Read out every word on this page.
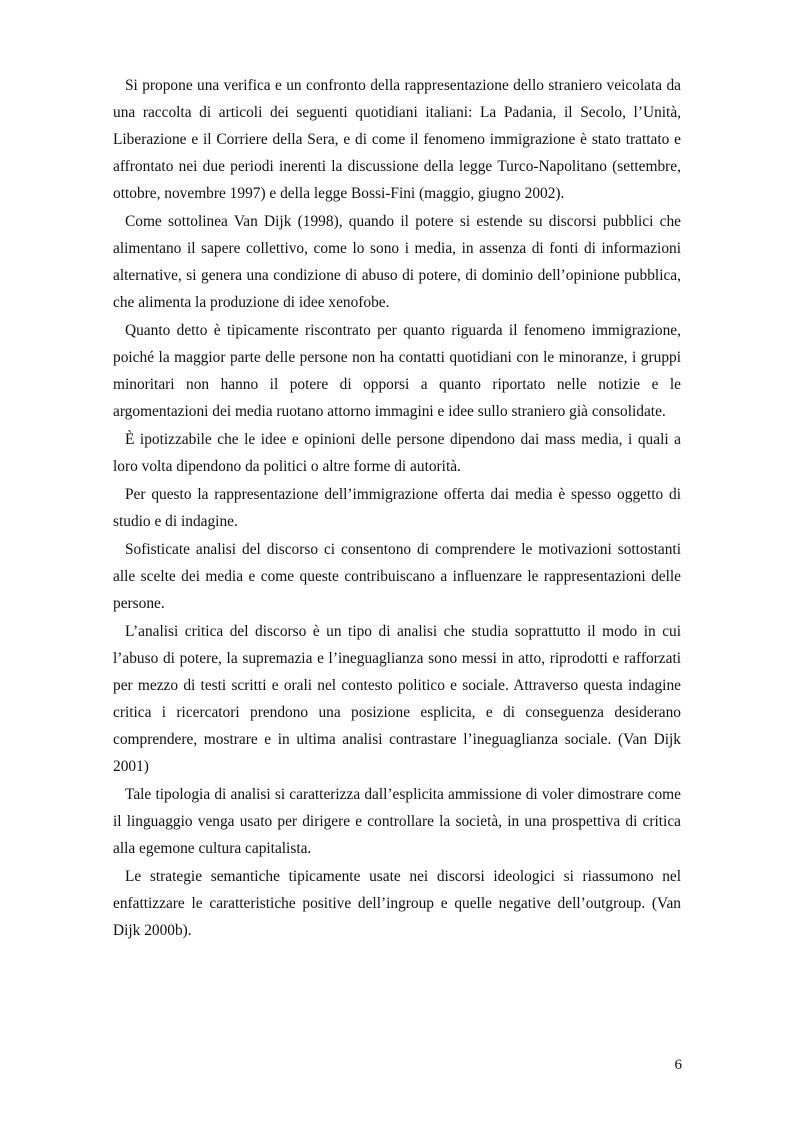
Si propone una verifica e un confronto della rappresentazione dello straniero veicolata da una raccolta di articoli dei seguenti quotidiani italiani: La Padania, il Secolo, l’Unità, Liberazione e il Corriere della Sera, e di come il fenomeno immigrazione è stato trattato e affrontato nei due periodi inerenti la discussione della legge Turco-Napolitano (settembre, ottobre, novembre 1997) e della legge Bossi-Fini (maggio, giugno 2002).

Come sottolinea Van Dijk (1998), quando il potere si estende su discorsi pubblici che alimentano il sapere collettivo, come lo sono i media, in assenza di fonti di informazioni alternative, si genera una condizione di abuso di potere, di dominio dell’opinione pubblica, che alimenta la produzione di idee xenofobe.

Quanto detto è tipicamente riscontrato per quanto riguarda il fenomeno immigrazione, poiché la maggior parte delle persone non ha contatti quotidiani con le minoranze, i gruppi minoritari non hanno il potere di opporsi a quanto riportato nelle notizie e le argomentazioni dei media ruotano attorno immagini e idee sullo straniero già consolidate.

È ipotizzabile che le idee e opinioni delle persone dipendono dai mass media, i quali a loro volta dipendono da politici o altre forme di autorità.

Per questo la rappresentazione dell’immigrazione offerta dai media è spesso oggetto di studio e di indagine.

Sofisticate analisi del discorso ci consentono di comprendere le motivazioni sottostanti alle scelte dei media e come queste contribuiscano a influenzare le rappresentazioni delle persone.

L’analisi critica del discorso è un tipo di analisi che studia soprattutto il modo in cui l’abuso di potere, la supremazia e l’ineguaglianza sono messi in atto, riprodotti e rafforzati per mezzo di testi scritti e orali nel contesto politico e sociale. Attraverso questa indagine critica i ricercatori prendono una posizione esplicita, e di conseguenza desiderano comprendere, mostrare e in ultima analisi contrastare l’ineguaglianza sociale. (Van Dijk 2001)

Tale tipologia di analisi si caratterizza dall’esplicita ammissione di voler dimostrare come il linguaggio venga usato per dirigere e controllare la società, in una prospettiva di critica alla egemone cultura capitalista.

Le strategie semantiche tipicamente usate nei discorsi ideologici si riassumono nel enfattizzare le caratteristiche positive dell’ingroup e quelle negative dell’outgroup. (Van Dijk 2000b).

6
